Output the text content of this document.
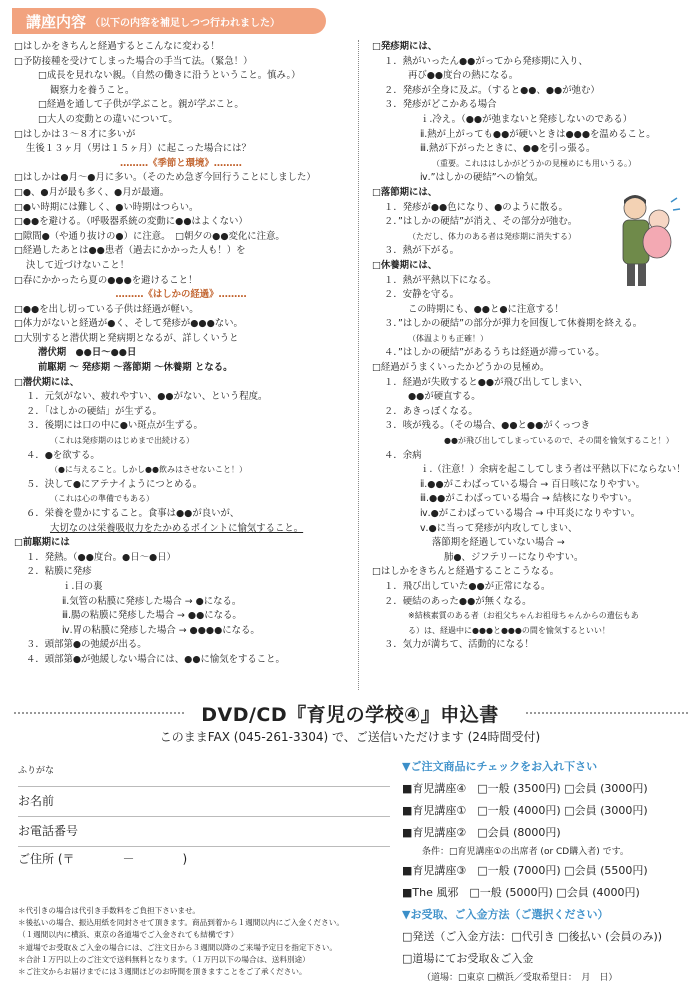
講座内容 （以下の内容を補足しつつ行われました）
□はしかをきちんと経過するとこんなに変わる！
□予防接種を受けてしまった場合の手当て法。（緊急！）
□成長を見れない親。（自然の働きに沿うということ。慎み。）
観察力を養うこと。
□経過を通して子供が学ぶこと。親が学ぶこと。
□大人の変動との違いについて。
□はしかは３～８才に多いが
生後１３ヶ月（男は１５ヶ月）に起こった場合には？
………《季節と環境》………
□はしかは●月～●月に多い。（そのため急ぎ今回行うことにしました）
□●、●月が最も多く、●月が最適。
□●い時期には難しく、●い時期はつらい。
□●●を避ける。（呼吸器系統の変動に●●はよくない）
□隙間●（や通り抜けの●）に注意。　□朝夕の●●変化に注意。
□経過したあとは●●患者（過去にかかった人も！）を
決して近づけないこと！
□春にかかったら夏の●●●を避けること！
………《はしかの経過》………
□●●を出し切っている子供は経過が軽い。
□体力がないと経過が●く、そして発疹が●●●ない。
□大別すると潜伏期と発病期となるが、詳しくいうと
潜伏期　●●日～●●日
前駆期 ～ 発疹期 ～落節期 ～休養期 となる。
□潜伏期には、
１．元気がない、疲れやすい、●●がない、という程度。
２．「はしかの硬結」が生ずる。
３．後期には口の中に●い斑点が生ずる。
（これは発疹期のはじめまで出続ける）
４．●を欲する。
（●に与えること。しかし●●飲みはさせないこと！）
５．決して●にアテナイようにつとめる。
（これは心の準備でもある）
６．栄養を豊かにすること。食事は●●が良いが、
大切なのは栄養吸収力をたかめるポイントに愉気すること。
□前駆期には
１．発熱。（●●度台。●日～●日）
２．粘膜に発疹
ｉ.目の裏
ⅱ.気管の粘膜に発疹した場合 → ●になる。
ⅲ.腸の粘膜に発疹した場合 → ●●になる。
ⅳ.胃の粘膜に発疹した場合 → ●●●●になる。
３．頭部第●の弛緩が出る。
４．頭部第●が弛緩しない場合には、●●に愉気をすること。
□発疹期には、
１．熱がいったん●●がってから発疹期に入り、
再び●●度台の熱になる。
２．発疹が全身に及ぶ。（すると●●、●●が弛む）
３．発疹がどこかある場合
ｉ.冷え。（●●が弛まないと発疹しないのである）
ⅱ.熱が上がっても●●が硬いときは●●●を温めること。
ⅲ.熱が下がったときに、●●を引っ張る。
（重要。これははしかがどうかの見極めにも用いうる。）
ⅳ.”はしかの硬結”への愉気。
□落節期には、
１．発疹が●●色になり、●のように散る。
２．”はしかの硬結”が消え、その部分が弛む。
（ただし、体力のある者は発疹期に消失する）
３．熱が下がる。
□休養期には、
１．熱が平熱以下になる。
２．安静を守る。
この時期にも、●●と●に注意する！
３．”はしかの硬結”の部分が弾力を回復して休養期を終える。
（体温よりも正確！）
４．”はしかの硬結”があるうちは経過が滞っている。
□経過がうまくいったかどうかの見極め。
１．経過が失敗すると●●が飛び出してしまい、
●●が硬直する。
２．あきっぽくなる。
３．咳が残る。（その場合、●●と●●がくっつき
●●が飛び出してしまっているので、その間を愉気すること！）
４．余病
ｉ.（注意！）余病を起こしてしまう者は平熱以下にならない！
ⅱ.●●がこわばっている場合 → 百日咳になりやすい。
ⅲ.●●がこわばっている場合 → 結核になりやすい。
ⅳ.●がこわばっている場合 → 中耳炎になりやすい。
ⅴ.●に当って発疹が内攻してしまい、
落節期を経過していない場合 →
肺●、ジフテリーになりやすい。
□はしかをきちんと経過することこうなる。
１．飛び出していた●●が正常になる。
２．硬結のあった●●が無くなる。
※結核素質のある者（お祖父ちゃんお祖母ちゃんからの遺伝もあ
る）は、経過中に●●●と●●●の間を愉気するといい！
３．気力が満ちて、活動的になる！
DVD/CD『育児の学校④』申込書
このままFAX (045-261-3304) で、ご送信いただけます (24時間受付)
ふりがな
お名前
お電話番号
ご住所 (〒　　　　－　　　　)
＊代引きの場合は代引き手数料をご負担下さいませ。
＊後払いの場合、振込用紙を同封させて頂きます。商品到着から１週間以内にご入金ください。
（１週間以内に横浜、東京の各道場でご入金されても結構です）
＊道場でお受取＆ご入金の場合には、ご注文日から３週間以降のご来場予定日を指定下さい。
＊合計１万円以上のご注文で送料無料となります。（１万円以下の場合は、送料別途）
＊ご注文からお届けまでには３週間ほどのお時間を頂きますことをご了承ください。
▼ご注文商品にチェックをお入れ下さい
■育児講座④　□一般 (3500円) □会員 (3000円)
■育児講座①　□一般 (4000円) □会員 (3000円)
■育児講座②　□会員 (8000円)
条件：□育児講座①の出席者 (or CD購入者) です。
■育児講座③　□一般 (7000円) □会員 (5500円)
■The 風邪　□一般 (5000円) □会員 (4000円)
▼お受取、ご入金方法（ご選択ください）
□発送（ご入金方法：□代引き □後払い (会員のみ))
□道場にてお受取＆ご入金
（道場：□東京 □横浜／受取希望日：　月　日）
